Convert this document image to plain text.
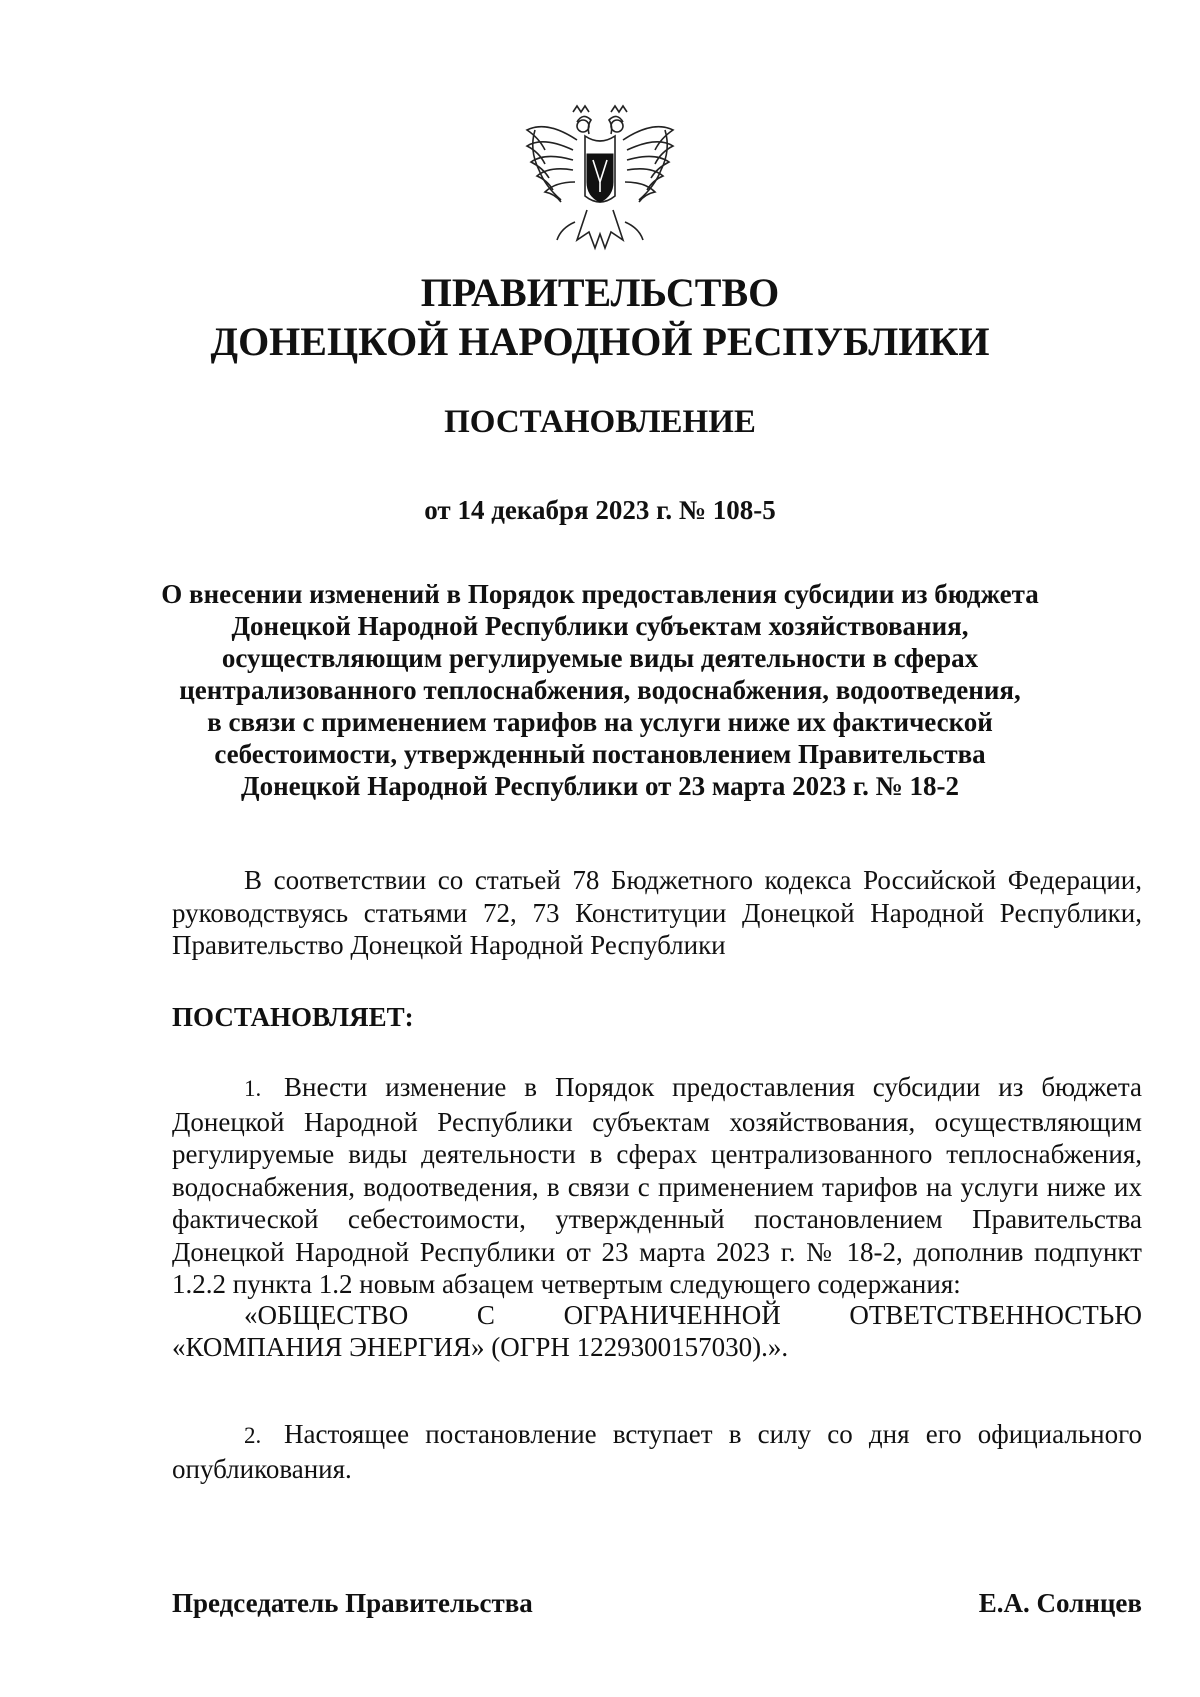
ПРАВИТЕЛЬСТВО
ДОНЕЦКОЙ НАРОДНОЙ РЕСПУБЛИКИ
ПОСТАНОВЛЕНИЕ
от 14 декабря 2023 г. № 108-5
О внесении изменений в Порядок предоставления субсидии из бюджета
Донецкой Народной Республики субъектам хозяйствования,
осуществляющим регулируемые виды деятельности в сферах
централизованного теплоснабжения, водоснабжения, водоотведения,
в связи с применением тарифов на услуги ниже их фактической
себестоимости, утвержденный постановлением Правительства
Донецкой Народной Республики от 23 марта 2023 г. № 18-2
В соответствии со статьей 78 Бюджетного кодекса Российской Федерации, руководствуясь статьями 72, 73 Конституции Донецкой Народной Республики, Правительство Донецкой Народной Республики
ПОСТАНОВЛЯЕТ:
1. Внести изменение в Порядок предоставления субсидии из бюджета Донецкой Народной Республики субъектам хозяйствования, осуществляющим регулируемые виды деятельности в сферах централизованного теплоснабжения, водоснабжения, водоотведения, в связи с применением тарифов на услуги ниже их фактической себестоимости, утвержденный постановлением Правительства Донецкой Народной Республики от 23 марта 2023 г. № 18-2, дополнив подпункт 1.2.2 пункта 1.2 новым абзацем четвертым следующего содержания:
«ОБЩЕСТВО С ОГРАНИЧЕННОЙ ОТВЕТСТВЕННОСТЬЮ
«КОМПАНИЯ ЭНЕРГИЯ» (ОГРН 1229300157030).».
2. Настоящее постановление вступает в силу со дня его официального опубликования.
Председатель Правительства	Е.А. Солнцев
